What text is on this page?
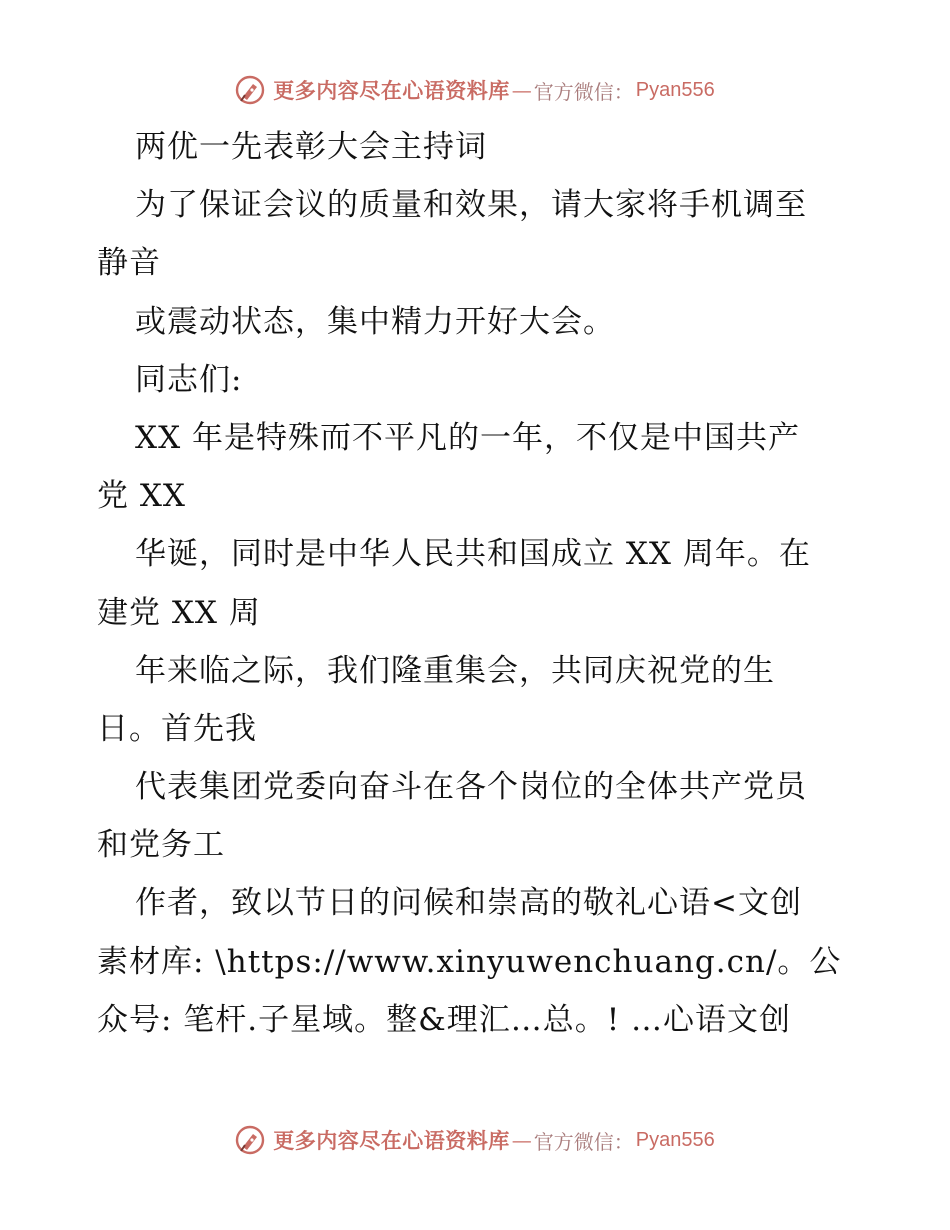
更多内容尽在心语资料库 — 官方微信： Pyan556
两优一先表彰大会主持词
为了保证会议的质量和效果，请大家将手机调至
静音
或震动状态，集中精力开好大会。
同志们:
XX 年是特殊而不平凡的一年，不仅是中国共产
党 XX
华诞，同时是中华人民共和国成立 XX 周年。在
建党 XX 周
年来临之际，我们隆重集会，共同庆祝党的生
日。首先我
代表集团党委向奋斗在各个岗位的全体共产党员
和党务工
作者，致以节日的问候和崇高的敬礼心语<文创
素材库: \https://www.xinyuwenchuang.cn/。公
众号: 笔杆.子星域。整&理汇…总。! …心语文创
更多内容尽在心语资料库 — 官方微信： Pyan556
